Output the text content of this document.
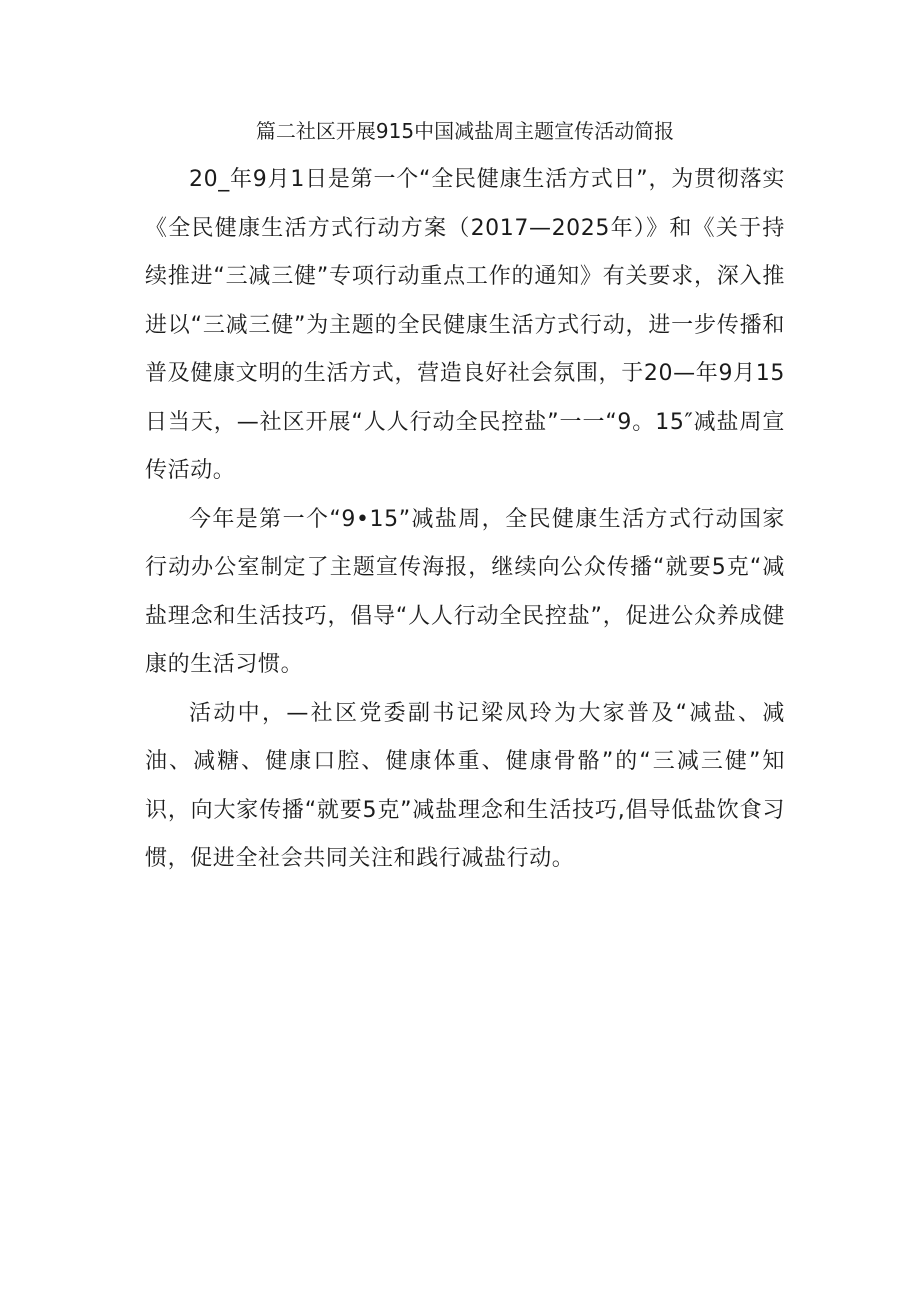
篇二社区开展915中国减盐周主题宣传活动简报

20_年9月1日是第一个“全民健康生活方式日”，为贯彻落实《全民健康生活方式行动方案（2017—2025年）》和《关于持续推进“三减三健”专项行动重点工作的通知》有关要求，深入推进以“三减三健”为主题的全民健康生活方式行动，进一步传播和普及健康文明的生活方式，营造良好社会氛围，于20—年9月15日当天，—社区开展“人人行动全民控盐”一一“9。15″减盐周宣传活动。

今年是第一个“9•15”减盐周，全民健康生活方式行动国家行动办公室制定了主题宣传海报，继续向公众传播“就要5克“减盐理念和生活技巧，倡导“人人行动全民控盐”，促进公众养成健康的生活习惯。

活动中，—社区党委副书记梁凤玲为大家普及“减盐、减油、减糖、健康口腔、健康体重、健康骨骼”的“三减三健”知识，向大家传播“就要5克”减盐理念和生活技巧,倡导低盐饮食习惯，促进全社会共同关注和践行减盐行动。
